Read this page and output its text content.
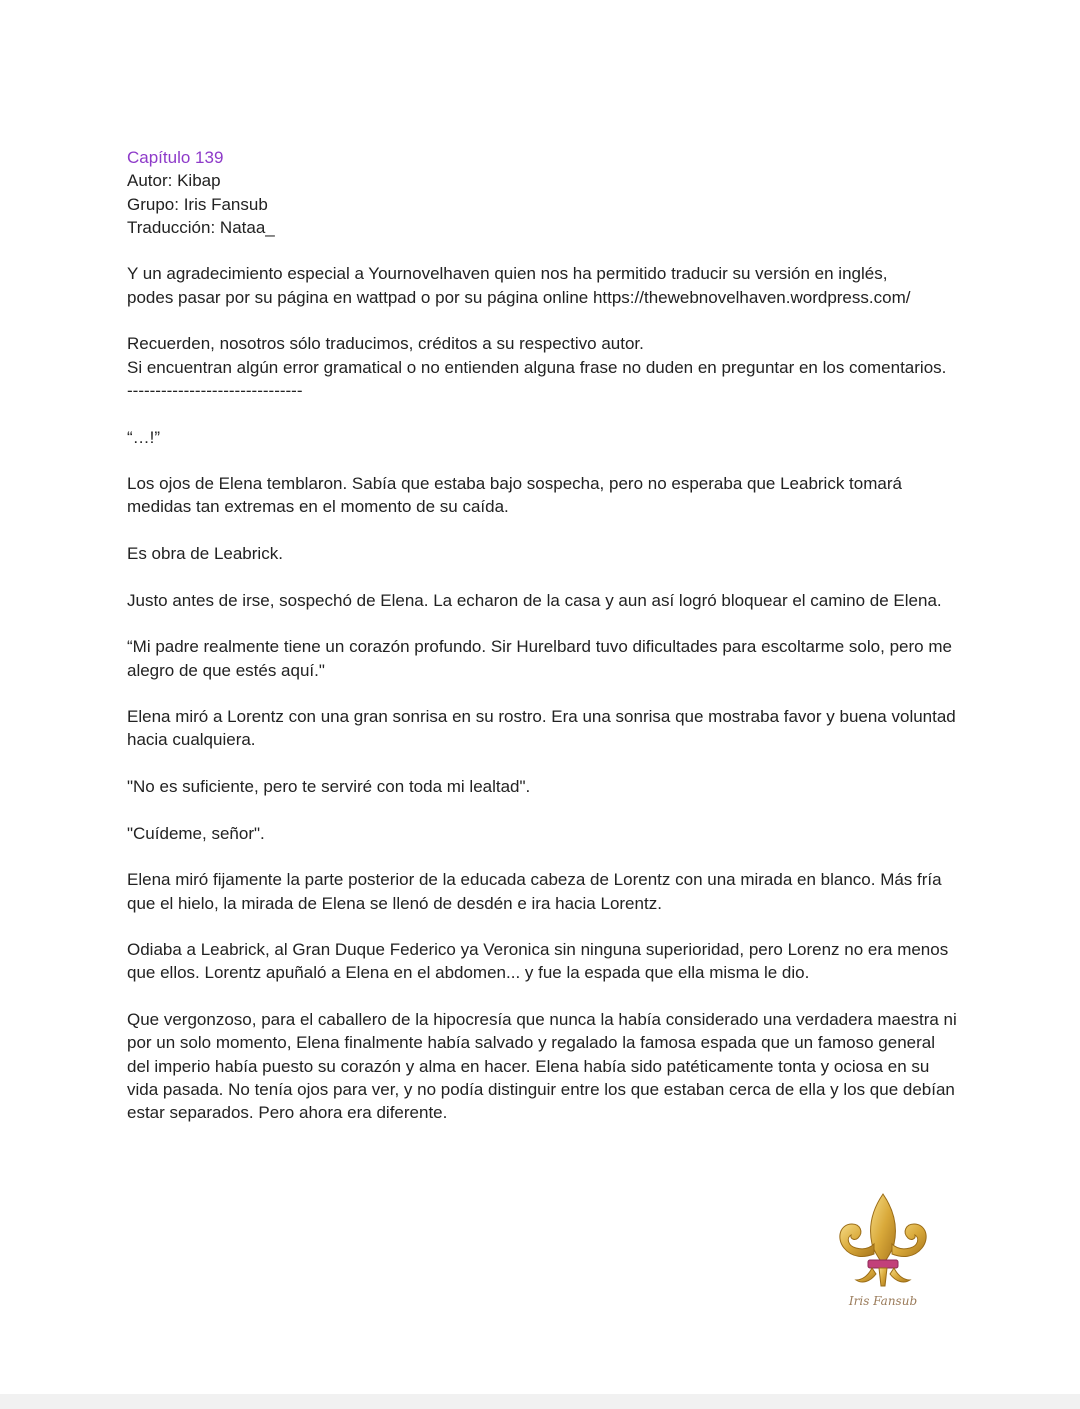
Capítulo 139
Autor: Kibap
Grupo: Iris Fansub
Traducción: Nataa_
Y un agradecimiento especial a Yournovelhaven quien nos ha permitido traducir su versión en inglés,
podes pasar por su página en wattpad o por su página online https://thewebnovelhaven.wordpress.com/
Recuerden, nosotros sólo traducimos, créditos a su respectivo autor.
Si encuentran algún error gramatical o no entienden alguna frase no duden en preguntar en los comentarios.
-------------------------------

“…!”

Los ojos de Elena temblaron. Sabía que estaba bajo sospecha, pero no esperaba que Leabrick tomará medidas tan extremas en el momento de su caída.

Es obra de Leabrick.

Justo antes de irse, sospechó de Elena. La echaron de la casa y aun así logró bloquear el camino de Elena.

“Mi padre realmente tiene un corazón profundo. Sir Hurelbard tuvo dificultades para escoltarme solo, pero me alegro de que estés aquí."

Elena miró a Lorentz con una gran sonrisa en su rostro. Era una sonrisa que mostraba favor y buena voluntad hacia cualquiera.

"No es suficiente, pero te serviré con toda mi lealtad".

"Cuídeme, señor".

Elena miró fijamente la parte posterior de la educada cabeza de Lorentz con una mirada en blanco. Más fría que el hielo, la mirada de Elena se llenó de desdén e ira hacia Lorentz.

Odiaba a Leabrick, al Gran Duque Federico ya Veronica sin ninguna superioridad, pero Lorenz no era menos que ellos. Lorentz apuñaló a Elena en el abdomen... y fue la espada que ella misma le dio.

Que vergonzoso, para el caballero de la hipocresía que nunca la había considerado una verdadera maestra ni por un solo momento, Elena finalmente había salvado y regalado la famosa espada que un famoso general del imperio había puesto su corazón y alma en hacer. Elena había sido patéticamente tonta y ociosa en su vida pasada. No tenía ojos para ver, y no podía distinguir entre los que estaban cerca de ella y los que debían estar separados. Pero ahora era diferente.

Iris Fansub
